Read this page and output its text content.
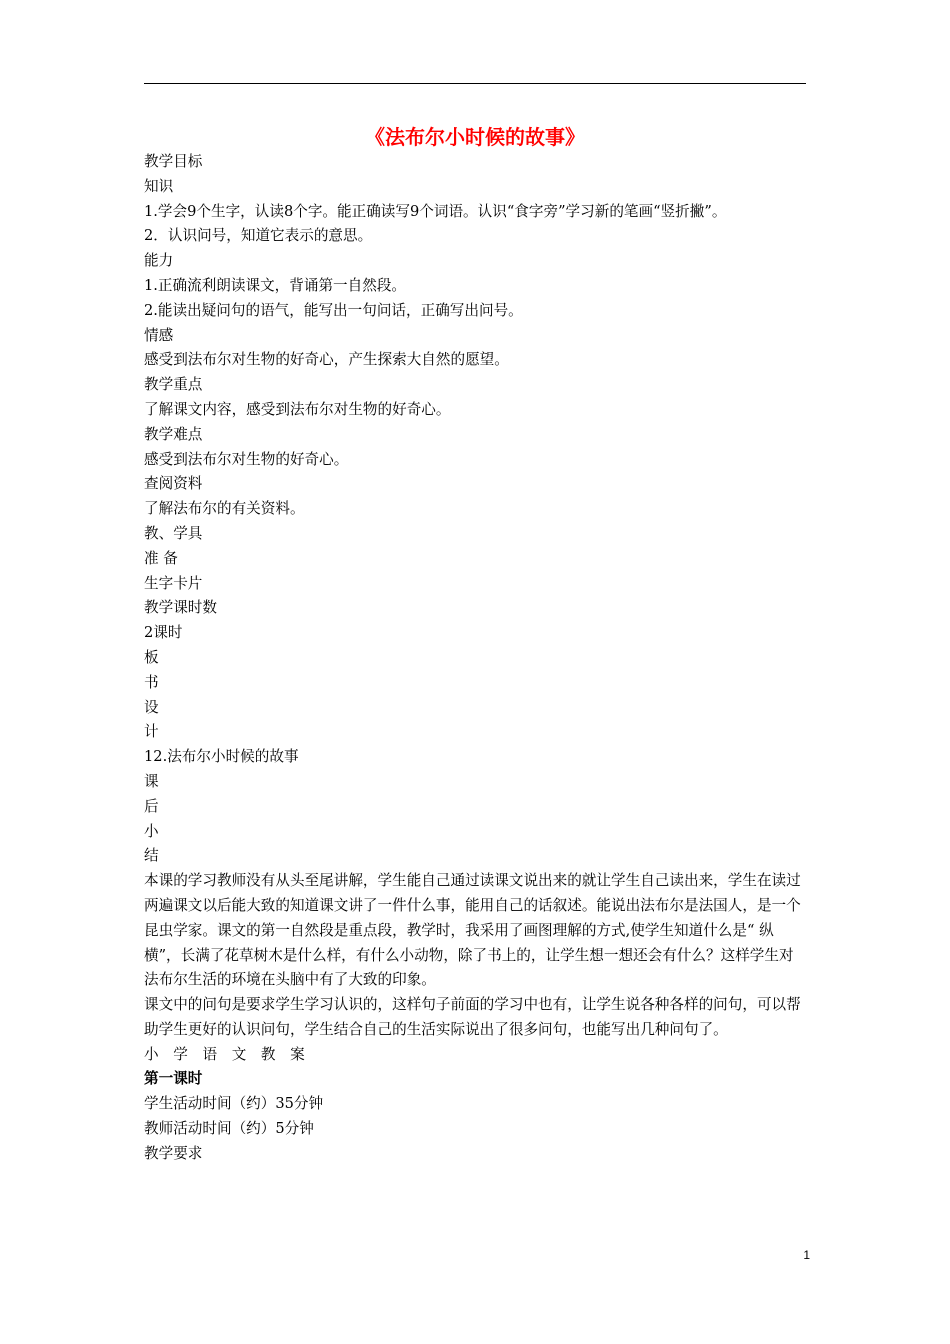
《法布尔小时候的故事》

教学目标

知识

1.学会9个生字，认读8个字。能正确读写9个词语。认识“食字旁”学习新的笔画“竖折撇”。

2．认识问号，知道它表示的意思。

能力

1.正确流利朗读课文，背诵第一自然段。

2.能读出疑问句的语气，能写出一句问话，正确写出问号。

情感

感受到法布尔对生物的好奇心，产生探索大自然的愿望。

教学重点

了解课文内容，感受到法布尔对生物的好奇心。

教学难点

感受到法布尔对生物的好奇心。

查阅资料

了解法布尔的有关资料。

教、学具

准 备

生字卡片

教学课时数

2课时

板

书

设

计

12.法布尔小时候的故事

课

后

小

结

本课的学习教师没有从头至尾讲解，学生能自己通过读课文说出来的就让学生自己读出来，学生在读过两遍课文以后能大致的知道课文讲了一件什么事，能用自己的话叙述。能说出法布尔是法国人，是一个昆虫学家。课文的第一自然段是重点段，教学时，我采用了画图理解的方式,使学生知道什么是“ 纵横”，长满了花草树木是什么样，有什么小动物，除了书上的，让学生想一想还会有什么？这样学生对法布尔生活的环境在头脑中有了大致的印象。

课文中的问句是要求学生学习认识的，这样句子前面的学习中也有，让学生说各种各样的问句，可以帮助学生更好的认识问句，学生结合自己的生活实际说出了很多问句，也能写出几种问句了。

小 学 语 文 教 案

第一课时

学生活动时间（约）35分钟

教师活动时间（约）5分钟

教学要求

1
